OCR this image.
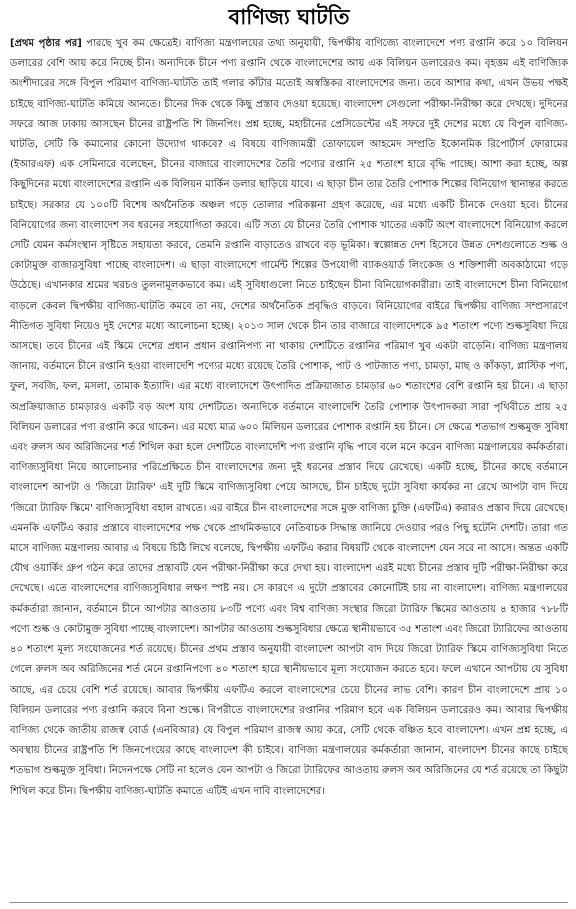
বাণিজ্য ঘাটতি

[প্রথম পৃষ্ঠার পর] পারছে খুব কম ক্ষেত্রেই। বাণিজ্য মন্ত্রণালয়ের তথ্য অনুযায়ী, দ্বিপক্ষীয় বাণিজ্যে বাংলাদেশে পণ্য রপ্তানি করে ১০ বিলিয়ন ডলারের বেশি আয় করে নিচ্ছে চীন। অন্যদিকে চীনে পণ্য রপ্তানি থেকে বাংলাদেশের আয় এক বিলিয়ন ডলারেরও কম। বৃহত্তম এই বাণিজ্যিক অংশীদারের সঙ্গে বিপুল পরিমাণ বাণিজ্য-ঘাটতি তাই গলার কাঁটার মতোই অস্বস্তিকর বাংলাদেশের জন্য। তবে আশার কথা, এখন উভয় পক্ষই চাইছে বাণিজ্য-ঘাটতি কমিয়ে আনতে। চীনের দিক থেকে কিছু প্রস্তাব দেওয়া হয়েছে। বাংলাদেশ সেগুলো পরীক্ষা-নিরীক্ষা করে দেখছে। দুদিনের সফরে আজ ঢাকায় আসছেন চীনের রাষ্ট্রপতি শি জিনপিং। প্রশ্ন হচ্ছে, মহাচীনের প্রেসিডেন্টের এই সফরে দুই দেশের মধ্যে যে বিপুল বাণিজ্য-ঘাটতি, সেটি কি কমানোর কোনো উদ্যোগ থাকবে? এ বিষয়ে বাণিজ্যমন্ত্রী তোফায়েল আহমেদ সম্প্রতি ইকোনমিক রিপোর্টার্স ফোরামের (ইআরএফ) এক সেমিনারে বলেছেন, চীনের বাজারে বাংলাদেশের তৈরি পণ্যের রপ্তানি ২৫ শতাংশ হারে বৃদ্ধি পাচ্ছে। আশা করা হচ্ছে, অল্প কিছুদিনের মধ্যে বাংলাদেশের রপ্তানি এক বিলিয়ন মার্কিন ডলার ছাড়িয়ে যাবে। এ ছাড়া চীন তার তৈরি পোশাক শিল্পের বিনিয়োগ স্থানান্তর করতে চাইছে। সরকার যে ১০০টি বিশেষ অর্থনৈতিক অঞ্চল গড়ে তোলার পরিকল্পনা গ্রহণ করেছে, এর মধ্যে একটি চীনকে দেওয়া হবে। চীনের বিনিয়োগের জন্য বাংলাদেশ সব ধরনের সহযোগিতা করবে। এটি সত্য যে চীনের তৈরি পোশাক খাতের একটি অংশ বাংলাদেশে বিনিয়োগ করলে সেটি যেমন কর্মসংস্থান সৃষ্টিতে সহায়তা করবে, তেমনি রপ্তানি বাড়াতেও রাখবে বড় ভূমিকা। স্বল্পোন্নত দেশ হিসেবে উন্নত দেশগুলোতে শুল্ক ও কোটামুক্ত বাজারসুবিধা পাচ্ছে বাংলাদেশ। এ ছাড়া বাংলাদেশে গার্মেন্ট শিল্পের উপযোগী ব্যাকওয়ার্ড লিংকেজ ও শক্তিশালী অবকাঠামো গড়ে উঠেছে। এখানকার শ্রমের খরচও তুলনামূলকভাবে কম। এই সুবিধাগুলো নিতে চাইছেন চীনা বিনিয়োগকারীরা। তাই বাংলাদেশে চীনা বিনিয়োগ বাড়লে কেবল দ্বিপক্ষীয় বাণিজ্য-ঘাটতি কমবে তা নয়, দেশের অর্থনৈতিক প্রবৃদ্ধিও বাড়বে। বিনিয়োগের বাইরে দ্বিপক্ষীয় বাণিজ্য সম্প্রসারণে নীতিগত সুবিধা নিয়েও দুই দেশের মধ্যে আলোচনা হচ্ছে। ২০১৩ সাল থেকে চীন তার বাজারে বাংলাদেশকে ৯৫ শতাংশ পণ্যে শুল্কসুবিধা দিয়ে আসছে। তবে চীনের এই স্কিমে দেশের প্রধান প্রধান রপ্তানিপণ্য না থাকায় দেশটিতে রপ্তানির পরিমাণ খুব একটা বাড়েনি। বাণিজ্য মন্ত্রণালয় জানায়, বর্তমানে চীনে রপ্তানি হওয়া বাংলাদেশি পণ্যের মধ্যে রয়েছে তৈরি পোশাক, পাট ও পাটজাত পণ্য, চামড়া, মাছ ও কাঁকড়া, প্লাস্টিক পণ্য, ফুল, সবজি, ফল, মসলা, তামাক ইত্যাদি। এর মধ্যে বাংলাদেশে উৎপাদিত প্রক্রিয়াজাত চামড়ার ৬০ শতাংশের বেশি রপ্তানি হয় চীনে। এ ছাড়া অপ্রক্রিয়াজাত চামড়ারও একটি বড় অংশ যায় দেশটিতে। অন্যদিকে বর্তমানে বাংলাদেশি তৈরি পোশাক উৎপাদকরা সারা পৃথিবীতে প্রায় ২৫ বিলিয়ন ডলারের পণ্য রপ্তানি করে থাকেন। এর মধ্যে মাত্র ৬০০ মিলিয়ন ডলারের পোশাক রপ্তানি হয় চীনে। সে ক্ষেত্রে শতভাগ শুল্কমুক্ত সুবিধা এবং রুলস অব অরিজিনের শর্ত শিথিল করা হলে দেশটিতে বাংলাদেশি পণ্য রপ্তানি বৃদ্ধি পাবে বলে মনে করেন বাণিজ্য মন্ত্রণালয়ের কর্মকর্তারা। বাণিজ্যসুবিধা নিয়ে আলোচনার পরিপ্রেক্ষিতে চীন বাংলাদেশের জন্য দুই ধরনের প্রস্তাব দিয়ে রেখেছে। একটি হচ্ছে, চীনের কাছে বর্তমানে বাংলাদেশ আপটা ও 'জিরো ট্যারিফ' এই দুটি স্কিমে বাণিজ্যসুবিধা পেয়ে আসছে, চীন চাইছে দুটো সুবিধা কার্যকর না রেখে আপটা বাদ দিয়ে 'জিরো ট্যারিফ স্কিমে' বাণিজ্যসুবিধা বহাল রাখতে। এর বাইরে চীন বাংলাদেশের সঙ্গে মুক্ত বাণিজ্য চুক্তি (এফটিএ) করারও প্রস্তাব দিয়ে রেখেছে। এমনকি এফটিএ করার প্রস্তাবে বাংলাদেশের পক্ষ থেকে প্রাথমিকভাবে নেতিবাচক সিদ্ধান্ত জানিয়ে দেওয়ার পরও পিছু হটেনি দেশটি। তারা গত মাসে বাণিজ্য মন্ত্রণালয় আবার এ বিষয়ে চিঠি লিখে বলেছে, দ্বিপক্ষীয় এফটিএ করার বিষয়টি থেকে বাংলাদেশ যেন সরে না আসে। অন্তত একটি যৌথ ওয়ার্কিং গ্রুপ গঠন করে তাদের প্রস্তাবটি যেন পরীক্ষা-নিরীক্ষা করে দেখা হয়। বাংলাদেশ এরই মধ্যে চীনের প্রস্তাব দুটি পরীক্ষা-নিরীক্ষা করে দেখেছে। এতে বাংলাদেশের বাণিজ্যসুবিধার লক্ষণ স্পষ্ট নয়। সে কারণে এ দুটো প্রস্তাবের কোনোটিই চায় না বাংলাদেশ। বাণিজ্য মন্ত্রণালয়ের কর্মকর্তারা জানান, বর্তমানে চীনে আপটার আওতায় ৮৩টি পণ্যে এবং বিশ্ব বাণিজ্য সংস্থার জিরো ট্যারিফ স্কিমের আওতায় ৪ হাজার ৭৮৮টি পণ্যে শুল্ক ও কোটামুক্ত সুবিধা পাচ্ছে বাংলাদেশ। আপটার আওতায় শুল্কসুবিধার ক্ষেত্রে স্থানীয়ভাবে ৩৫ শতাংশ এবং জিরো ট্যারিফের আওতায় ৪০ শতাংশ মূল্য সংযোজনের শর্ত রয়েছে। চীনের প্রথম প্রস্তাব অনুযায়ী বাংলাদেশ আপটা বাদ দিয়ে জিরো ট্যারিফ স্কিমে বাণিজ্যসুবিধা নিতে গেলে রুলস অব অরিজিনের শর্ত মেনে রপ্তানিপণ্যে ৪০ শতাংশ হারে স্থানীয়ভাবে মূল্য সংযোজন করতে হবে। ফলে এখানে আপটায় যে সুবিধা আছে, এর চেয়ে বেশি শর্ত রয়েছে। আবার দ্বিপক্ষীয় এফটিএ করলে বাংলাদেশের চেয়ে চীনের লাভ বেশি। কারণ চীন বাংলাদেশে প্রায় ১০ বিলিয়ন ডলারের পণ্য রপ্তানি করবে বিনা শুল্কে। বিপরীতে বাংলাদেশের রপ্তানির পরিমাণ হবে এক বিলিয়ন ডলারেরও কম। আবার দ্বিপক্ষীয় বাণিজ্য থেকে জাতীয় রাজস্ব বোর্ড (এনবিআর) যে বিপুল পরিমাণ রাজস্ব আয় করে, সেটি থেকে বঞ্চিত হবে বাংলাদেশ। এখন প্রশ্ন হচ্ছে, এ অবস্থায় চীনের রাষ্ট্রপতি শি জিনপেংয়ের কাছে বাংলাদেশ কী চাইবে। বাণিজ্য মন্ত্রণালয়ের কর্মকর্তারা জানান, বাংলাদেশ চীনের কাছে চাইছে শতভাগ শুল্কমুক্ত সুবিধা। নিদেনপক্ষে সেটি না হলেও যেন আপটা ও জিরো ট্যারিফের আওতায় রুলস অব অরিজিনের যে শর্ত রয়েছে তা কিছুটা শিথিল করে চীন। দ্বিপক্ষীয় বাণিজ্য-ঘাটতি কমাতে এটিই এখন দাবি বাংলাদেশের।
